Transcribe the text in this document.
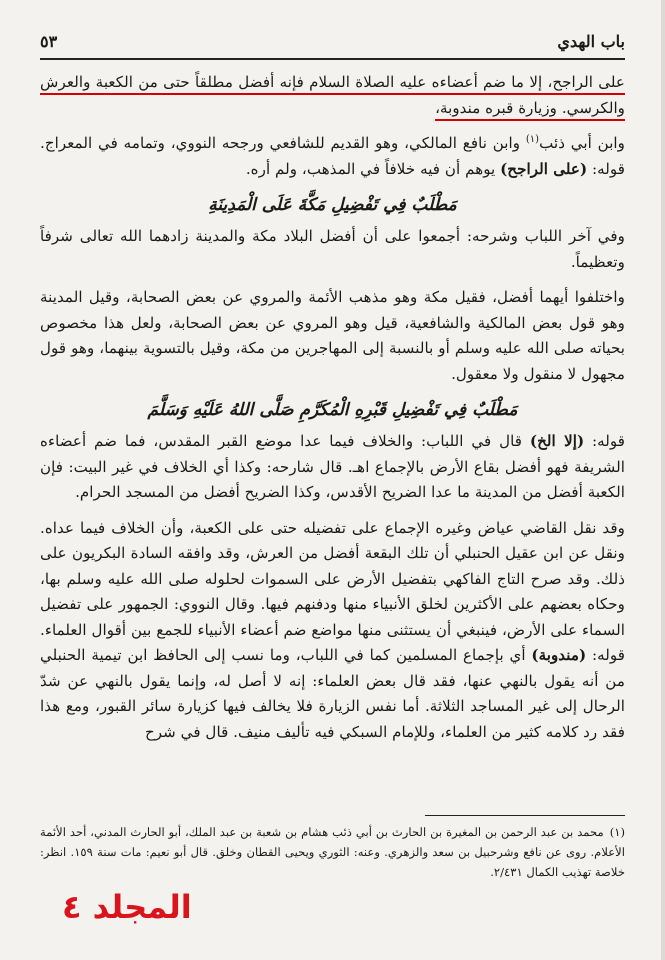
باب الهدي
٥٣

على الراجح، إلا ما ضم أعضاءه عليه الصلاة السلام فإنه أفضل مطلقاً حتى من الكعبة والعرش والكرسي. وزيارة قبره مندوبة،

وابن أبي ذئب$^{(١)}$ وابن نافع المالكي، وهو القديم للشافعي ورجحه النووي، وتمامه في المعراج. قوله: (على الراجح) يوهم أن فيه خلافاً في المذهب، ولم أره.

مَطْلَبٌ فِي تَفْضِيلِ مَكَّةَ عَلَى الْمَدِينَةِ

وفي آخر اللباب وشرحه: أجمعوا على أن أفضل البلاد مكة والمدينة زادهما الله تعالى شرفاً وتعظيماً.

واختلفوا أيهما أفضل، فقيل مكة وهو مذهب الأئمة والمروي عن بعض الصحابة، وقيل المدينة وهو قول بعض المالكية والشافعية، قيل وهو المروي عن بعض الصحابة، ولعل هذا مخصوص بحياته صلى الله عليه وسلم أو بالنسبة إلى المهاجرين من مكة، وقيل بالتسوية بينهما، وهو قول مجهول لا منقول ولا معقول.

مَطْلَبٌ فِي تَفْضِيلِ قَبْرِهِ الْمُكَرَّمِ صَلَّى اللهُ عَلَيْهِ وَسَلَّمَ

قوله: (إلا الخ) قال في اللباب: والخلاف فيما عدا موضع القبر المقدس، فما ضم أعضاءه الشريفة فهو أفضل بقاع الأرض بالإجماع اهـ. قال شارحه: وكذا أي الخلاف في غير البيت: فإن الكعبة أفضل من المدينة ما عدا الضريح الأقدس، وكذا الضريح أفضل من المسجد الحرام.

وقد نقل القاضي عياض وغيره الإجماع على تفضيله حتى على الكعبة، وأن الخلاف فيما عداه. ونقل عن ابن عقيل الحنبلي أن تلك البقعة أفضل من العرش، وقد وافقه السادة البكريون على ذلك. وقد صرح التاج الفاكهي بتفضيل الأرض على السموات لحلوله صلى الله عليه وسلم بها، وحكاه بعضهم على الأكثرين لخلق الأنبياء منها ودفنهم فيها. وقال النووي: الجمهور على تفضيل السماء على الأرض، فينبغي أن يستثنى منها مواضع ضم أعضاء الأنبياء للجمع بين أقوال العلماء. قوله: (مندوبة) أي بإجماع المسلمين كما في اللباب، وما نسب إلى الحافظ ابن تيمية الحنبلي من أنه يقول بالنهي عنها، فقد قال بعض العلماء: إنه لا أصل له، وإنما يقول بالنهي عن شدّ الرحال إلى غير المساجد الثلاثة. أما نفس الزيارة فلا يخالف فيها كزيارة سائر القبور، ومع هذا فقد رد كلامه كثير من العلماء، وللإمام السبكي فيه تأليف منيف. قال في شرح

(١)محمد بن عبد الرحمن بن المغيرة بن الحارث بن أبي ذئب هشام بن شعبة بن عبد الملك، أبو الحارث المدني، أحد الأئمة الأعلام. روى عن نافع وشرحبيل بن سعد والزهري. وعنه: الثوري ويحيى القطان وخلق. قال أبو نعيم: مات سنة ١٥٩. انظر: خلاصة تهذيب الكمال ٢/٤٣١.
المجلد ٤
